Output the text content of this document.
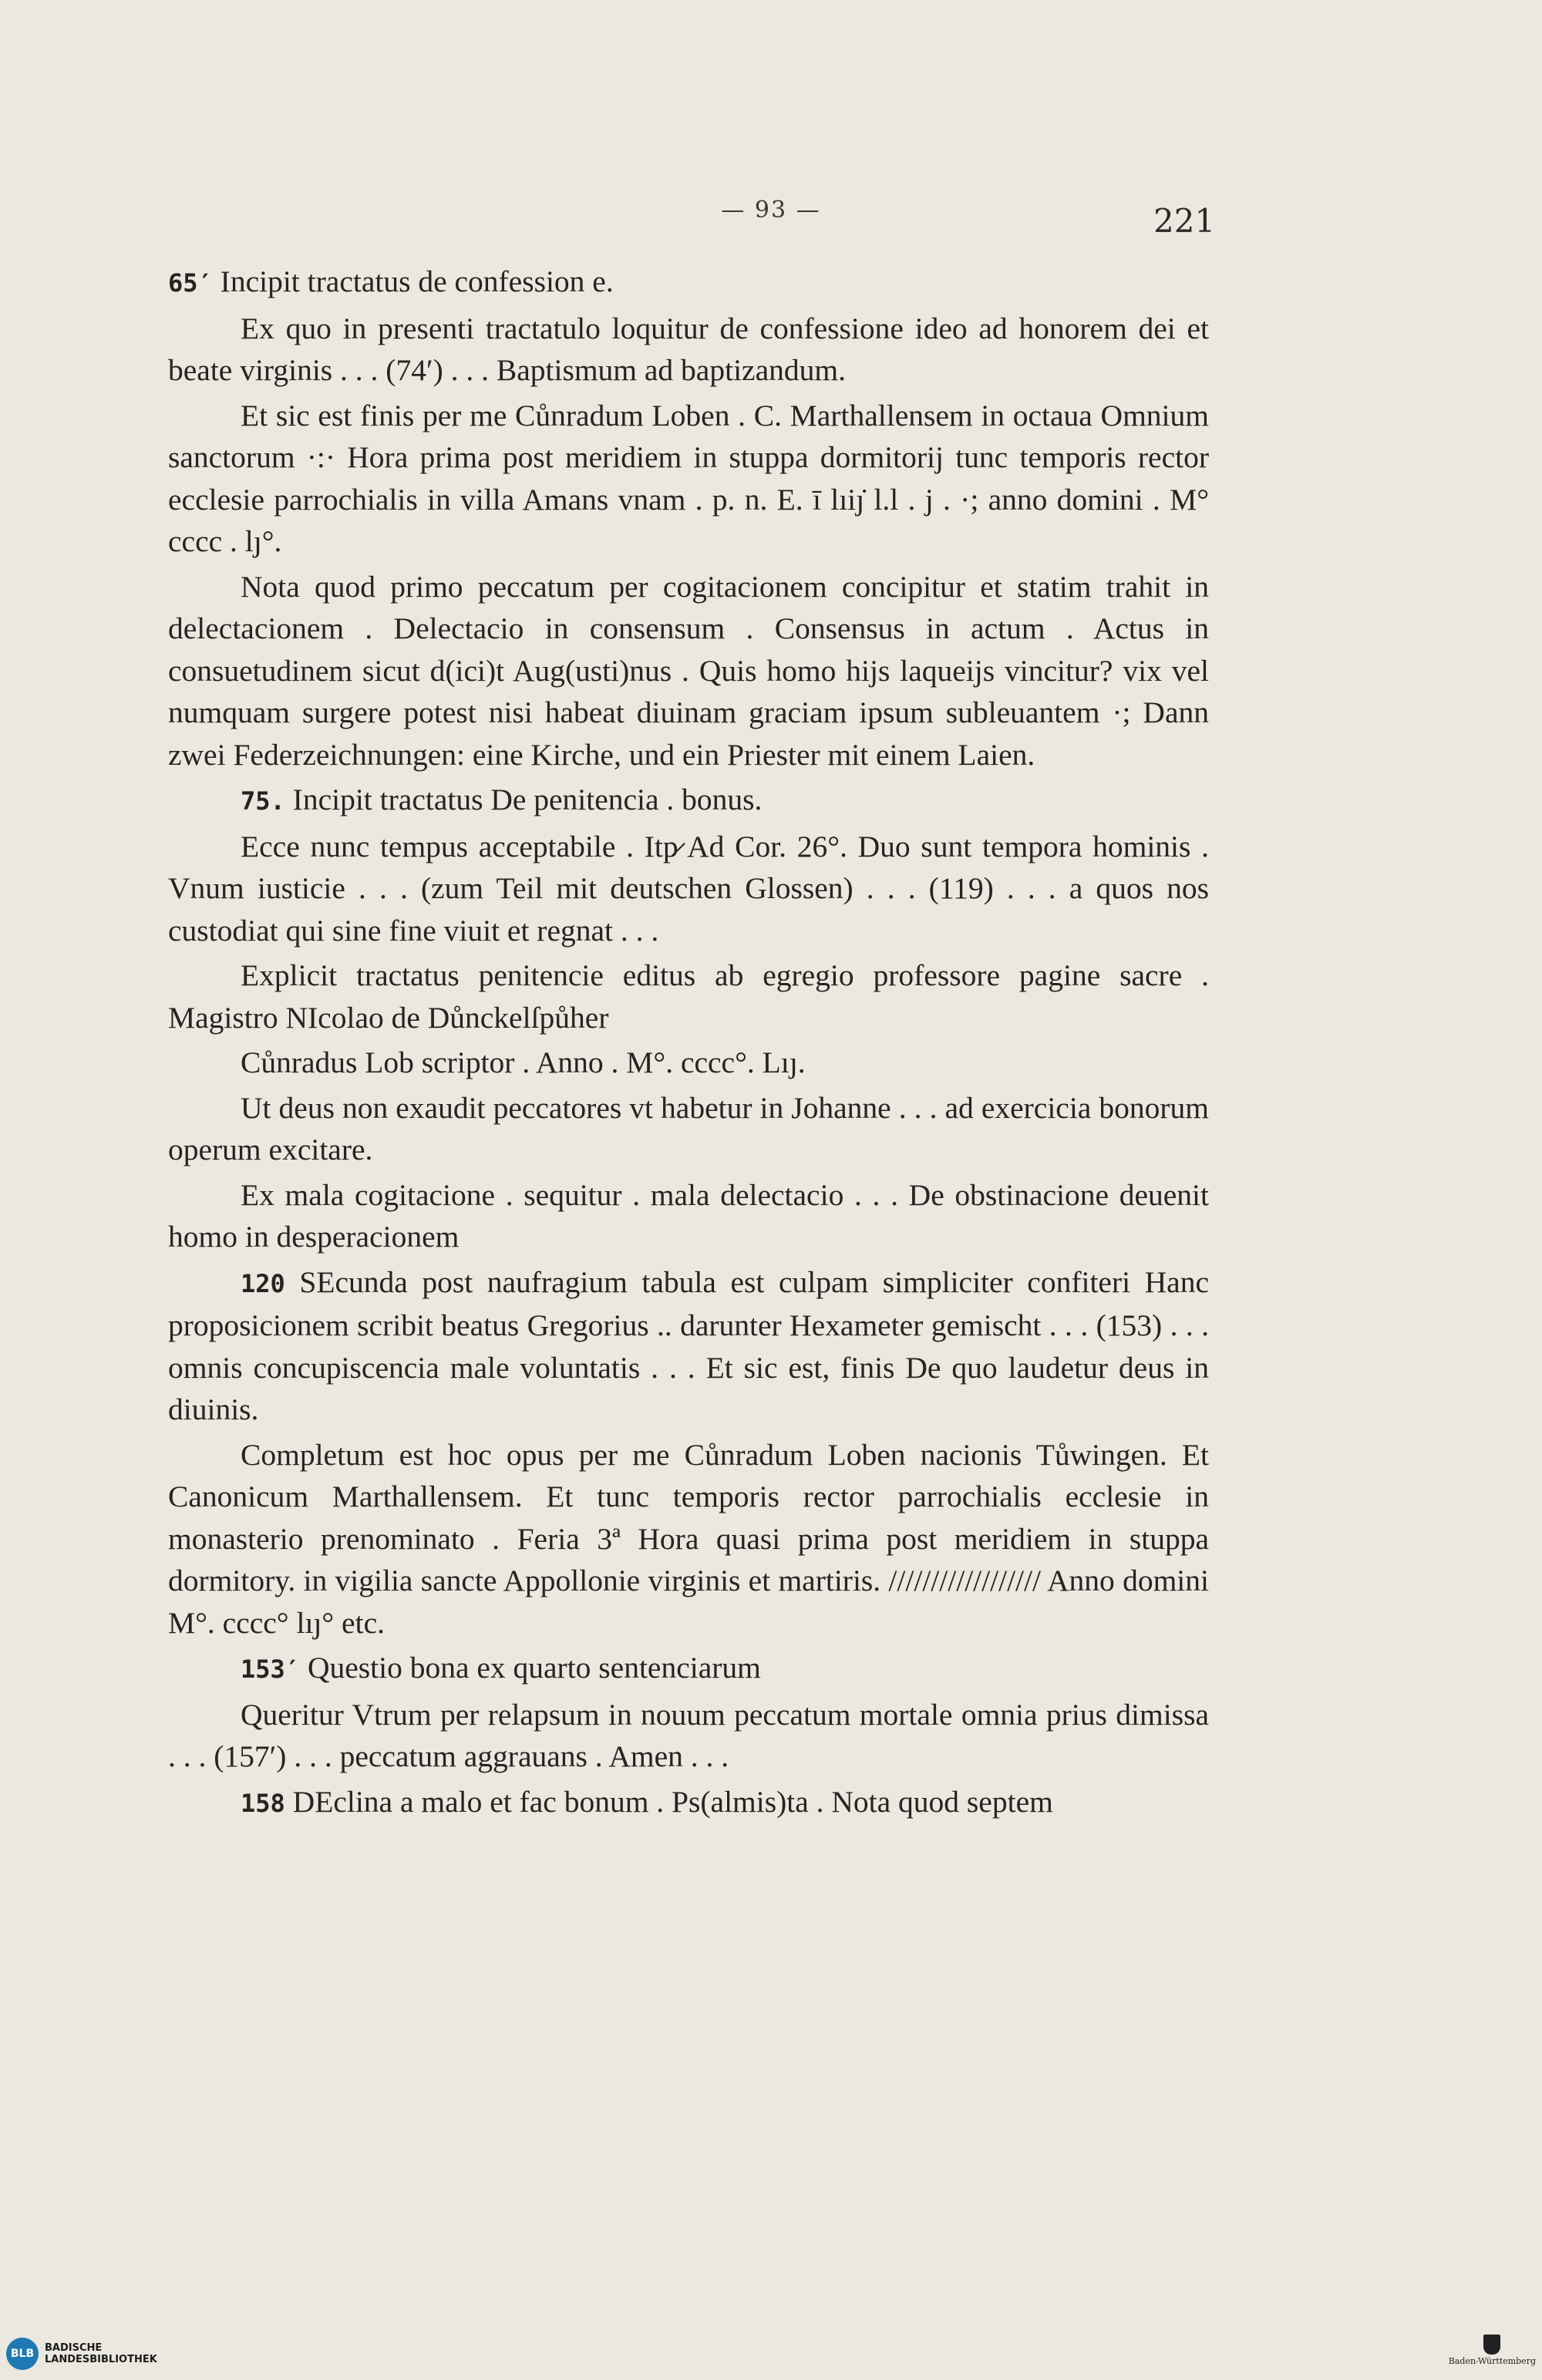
— 93 —	221

65′ Incipit tractatus de confession e.

Ex quo in presenti tractatulo loquitur de confessione ideo ad honorem dei et beate virginis . . . (74′) . . . Baptismum ad baptizandum.

Et sic est finis per me Cůnradum Loben . C. Marthallensem in octaua Omnium sanctorum ·:· Hora prima post meridiem in stuppa dormitorij tunc temporis rector ecclesie parrochialis in villa Amans vnam . p. n. E. ī lıiȷ̇ l.l . j . ·; anno domini . M° cccc . lȷ°.

Nota quod primo peccatum per cogitacionem concipitur et statim trahit in delectacionem . Delectacio in consensum . Consensus in actum . Actus in consuetudinem sicut d(ici)t Aug(usti)nus . Quis homo hijs laqueijs vincitur? vix vel numquam surgere potest nisi habeat diuinam graciam ipsum subleuantem ·; Dann zwei Federzeichnungen: eine Kirche, und ein Priester mit einem Laien.

75. Incipit tractatus De penitencia . bonus.

Ecce nunc tempus acceptabile . Itp̷ Ad Cor. 26°. Duo sunt tempora hominis . Vnum iusticie . . . (zum Teil mit deutschen Glossen) . . . (119) . . . a quos nos custodiat qui sine fine viuit et regnat . . .

Explicit tractatus penitencie editus ab egregio professore pagine sacre . Magistro NIcolao de Důnckelſpůher

Cůnradus Lob scriptor . Anno . M°. cccc°. Lıȷ.

Ut deus non exaudit peccatores vt habetur in Johanne . . . ad exercicia bonorum operum excitare.

Ex mala cogitacione . sequitur . mala delectacio . . . De obstinacione deuenit homo in desperacionem

120 SEcunda post naufragium tabula est culpam simpliciter confiteri Hanc proposicionem scribit beatus Gregorius .. darunter Hexameter gemischt . . . (153) . . . omnis concupiscencia male voluntatis . . . Et sic est, finis De quo laudetur deus in diuinis.

Completum est hoc opus per me Cůnradum Loben nacionis Tůwingen. Et Canonicum Marthallensem. Et tunc temporis rector parrochialis ecclesie in monasterio prenominato . Feria 3ª Hora quasi prima post meridiem in stuppa dormitory. in vigilia sancte Appollonie virginis et martiris. ////////////////// Anno domini M°. cccc° lıȷ° etc.

153′ Questio bona ex quarto sentenciarum

Queritur Vtrum per relapsum in nouum peccatum mortale omnia prius dimissa . . . (157′) . . . peccatum aggrauans . Amen . . .

158 DEclina a malo et fac bonum . Ps(almis)ta . Nota quod septem

BLB	BADISCHE
LANDESBIBLIOTHEK	Baden-Württemberg
